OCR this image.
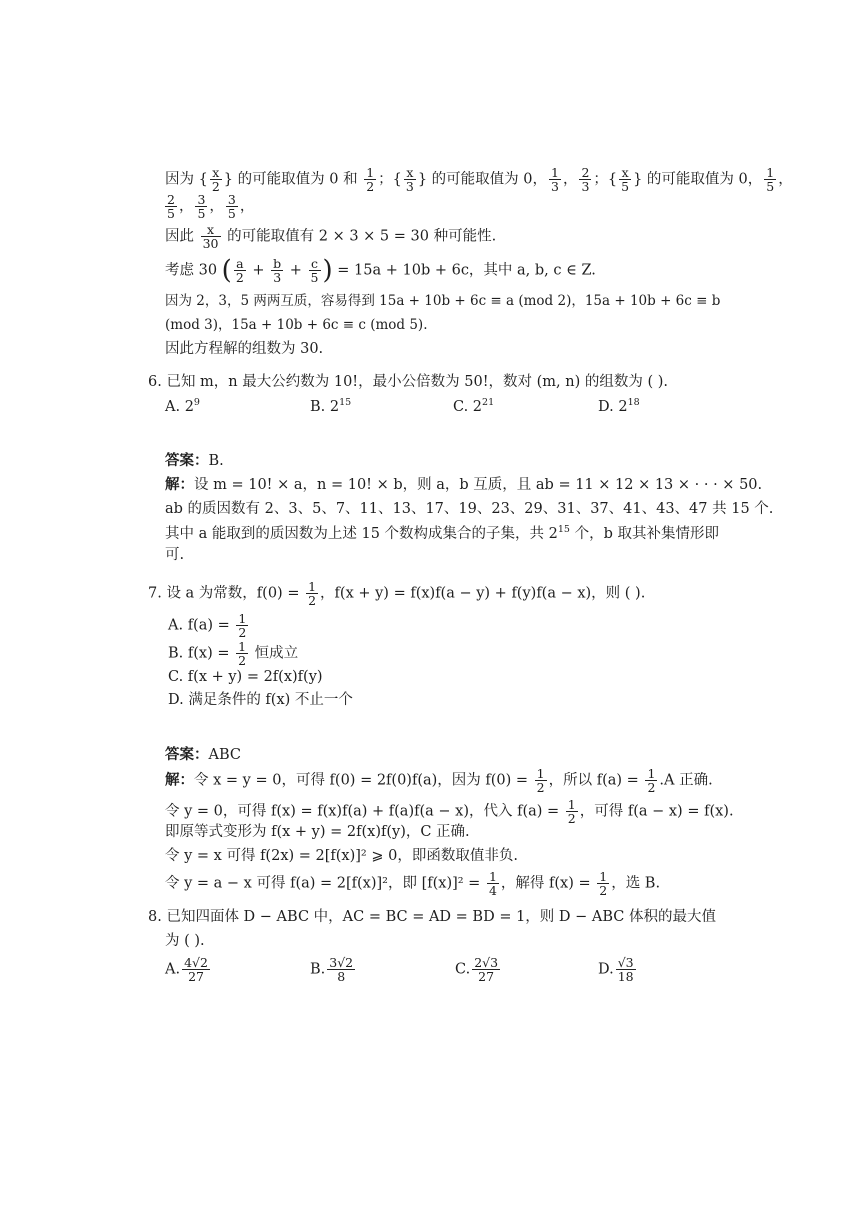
因为 { $\frac{x}{2}$ } 的可能取值为 0 和 $\frac{1}{2}$ ；{ $\frac{x}{3}$ } 的可能取值为 0， $\frac{1}{3}$ ， $\frac{2}{3}$ ；{ $\frac{x}{5}$ } 的可能取值为 0， $\frac{1}{5}$ ，
$\frac{2}{5}$ ， $\frac{3}{5}$ ， $\frac{3}{5}$ ，
因此 $\frac{x}{30}$ 的可能取值有 2 × 3 × 5 = 30 种可能性.
考虑 30 ( $\frac{a}{2} + \frac{b}{3} + \frac{c}{5}$ ) = 15a + 10b + 6c，其中 a, b, c ∈ Z.
因为 2，3，5 两两互质，容易得到 15a + 10b + 6c ≡ a (mod 2)，15a + 10b + 6c ≡ b
(mod 3)，15a + 10b + 6c ≡ c (mod 5).
因此方程解的组数为 30.
6. 已知 m，n 最大公约数为 10!，最小公倍数为 50!，数对 (m, n) 的组数为 ( ).
A. $2^9$	B. $2^{15}$	C. $2^{21}$	D. $2^{18}$
答案：B.
解：设 m = 10! × a，n = 10! × b，则 a，b 互质，且 ab = 11 × 12 × 13 × · · · × 50.
ab 的质因数有 2、3、5、7、11、13、17、19、23、29、31、37、41、43、47 共 15 个.
其中 a 能取到的质因数为上述 15 个数构成集合的子集，共 $2^{15}$ 个，b 取其补集情形即
可.
7. 设 a 为常数，$f(0) = \frac{1}{2}$ ，f(x + y) = f(x)f(a − y) + f(y)f(a − x)，则 ( ).
A. $f(a) = \frac{1}{2}$
B. $f(x) = \frac{1}{2}$ 恒成立
C. f(x + y) = 2f(x)f(y)
D. 满足条件的 f(x) 不止一个
答案：ABC
解：令 x = y = 0，可得 f(0) = 2f(0)f(a)，因为 $f(0) = \frac{1}{2}$ ，所以 $f(a) = \frac{1}{2} .A$ 正确.
令 y = 0，可得 f(x) = f(x)f(a) + f(a)f(a − x)，代入 $f(a) = \frac{1}{2}$ ，可得 f(a − x) = f(x).
即原等式变形为 f(x + y) = 2f(x)f(y)，C 正确.
令 y = x 可得 f(2x) = 2[f(x)]² ⩾ 0，即函数取值非负.
令 y = a − x 可得 f(a) = 2[f(x)]²，即 $[f(x)]^2 = \frac{1}{4}$ ，解得 $f(x) = \frac{1}{2}$ ，选 B.
8. 已知四面体 D − ABC 中，AC = BC = AD = BD = 1，则 D − ABC 体积的最大值
为 ( ).
A. $\frac{4√2}{27}$	B. $\frac{3√2}{8}$	C. $\frac{2√3}{27}$	D. $\frac{√3}{18}$
